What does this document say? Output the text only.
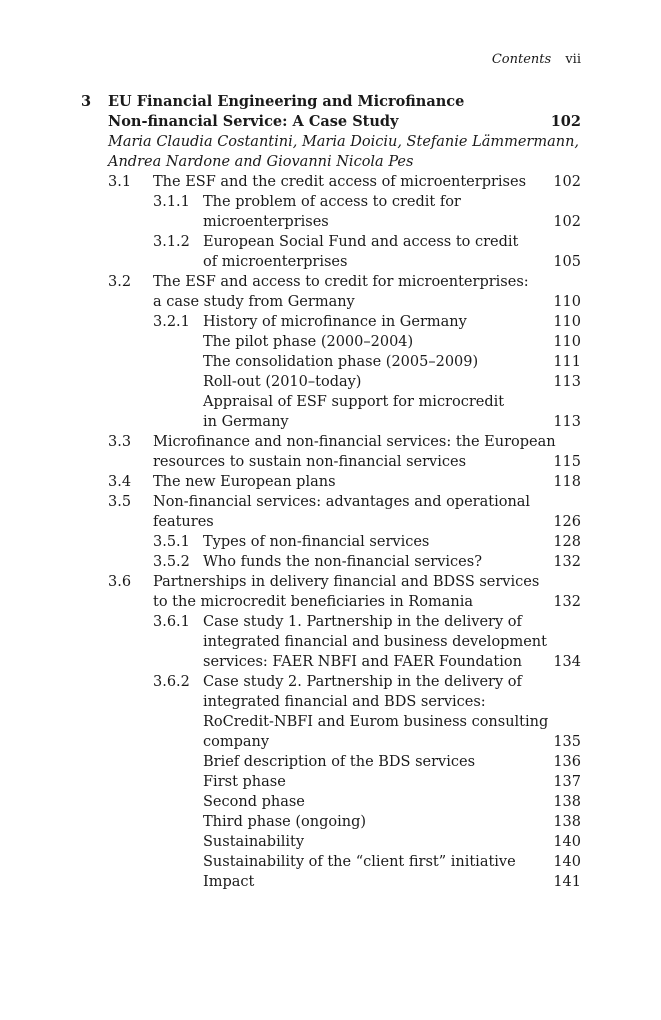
Contents vii
3 EU Financial Engineering and Microfinance
Non-financial Service: A Case Study	102
Maria Claudia Costantini, Maria Doiciu, Stefanie Lämmermann,
Andrea Nardone and Giovanni Nicola Pes
3.1 The ESF and the credit access of microenterprises 102
3.1.1 The problem of access to credit for
microenterprises	102
3.1.2 European Social Fund and access to credit
of microenterprises	105
3.2 The ESF and access to credit for microenterprises:
a case study from Germany	110
3.2.1 History of microfinance in Germany	110
The pilot phase (2000–2004)	110
The consolidation phase (2005–2009)	111
Roll-out (2010–today)	113
Appraisal of ESF support for microcredit
in Germany	113
3.3 Microfinance and non-financial services: the European
resources to sustain non-financial services	115
3.4 The new European plans	118
3.5 Non-financial services: advantages and operational
features	126
3.5.1 Types of non-financial services	128
3.5.2 Who funds the non-financial services?	132
3.6 Partnerships in delivery financial and BDSS services
to the microcredit beneficiaries in Romania	132
3.6.1 Case study 1. Partnership in the delivery of
integrated financial and business development
services: FAER NBFI and FAER Foundation 134
3.6.2 Case study 2. Partnership in the delivery of
integrated financial and BDS services:
RoCredit-NBFI and Eurom business consulting
company	135
Brief description of the BDS services	136
First phase	137
Second phase	138
Third phase (ongoing)	138
Sustainability	140
Sustainability of the “client first” initiative	140
Impact	141
